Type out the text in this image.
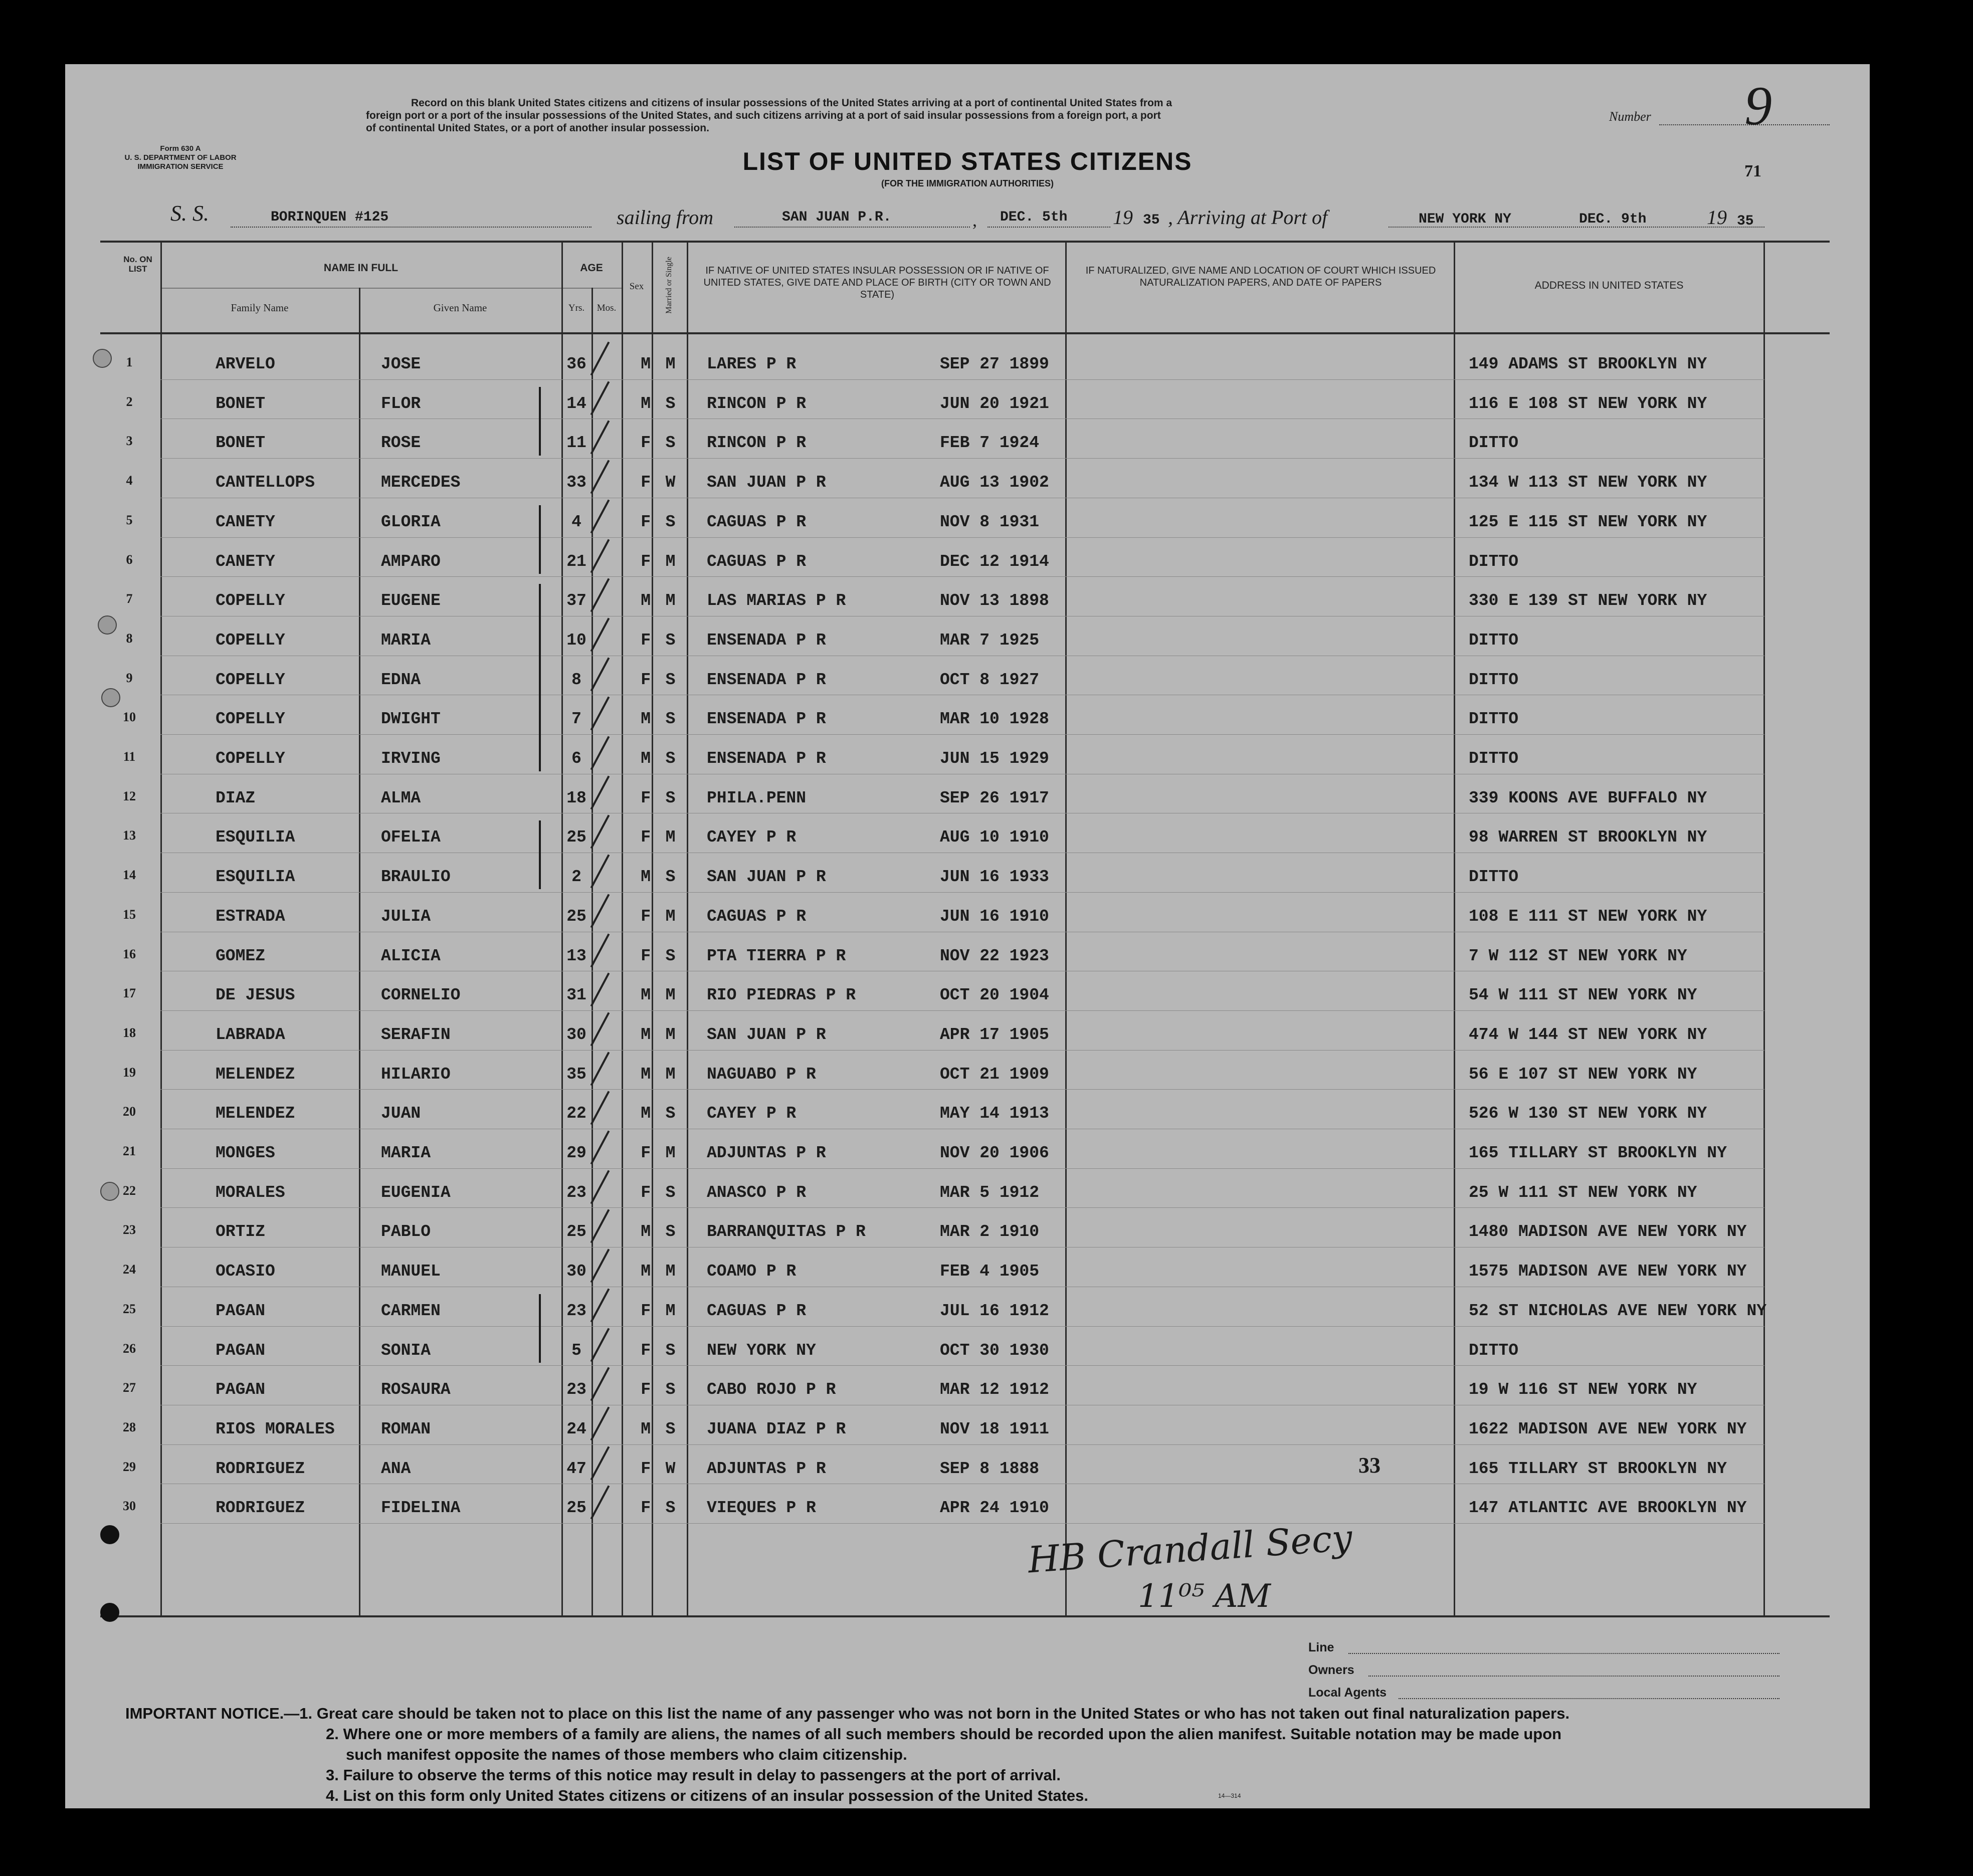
Form 630 A
U. S. DEPARTMENT OF LABOR
IMMIGRATION SERVICE
Record on this blank United States citizens and citizens of insular possessions of the United States arriving at a port of continental United States from a
foreign port or a port of the insular possessions of the United States, and such citizens arriving at a port of said insular possessions from a foreign port, a port
of continental United States, or a port of another insular possession.
Number 9
71
LIST OF UNITED STATES CITIZENS
(FOR THE IMMIGRATION AUTHORITIES)
S. S.	BORINQUEN #125	sailing from	SAN JUAN P.R.	, DEC. 5th 19 35 , Arriving at Port of	NEW YORK NY	DEC. 9th	19 35
No. ON LIST	NAME IN FULL
Family Name	Given Name
AGE
Yrs.	Mos.
Sex	Married or Single	IF NATIVE OF UNITED STATES INSULAR POSSESSION OR IF NATIVE OF UNITED STATES, GIVE DATE AND PLACE OF BIRTH (CITY OR TOWN AND STATE)
IF NATURALIZED, GIVE NAME AND LOCATION OF COURT WHICH ISSUED NATURALIZATION PAPERS, AND DATE OF PAPERS	ADDRESS IN UNITED STATES
1	ARVELO	JOSE	36	M M	LARES P R	SEP 27 1899	149 ADAMS ST BROOKLYN NY
2	BONET	FLOR	14	M S	RINCON P R	JUN 20 1921	116 E 108 ST NEW YORK NY
3	BONET	ROSE	11	F S	RINCON P R	FEB 7 1924	DITTO
4	CANTELLOPS	MERCEDES	33	F W	SAN JUAN P R	AUG 13 1902	134 W 113 ST NEW YORK NY
5	CANETY	GLORIA	4	F S	CAGUAS P R	NOV 8 1931	125 E 115 ST NEW YORK NY
6	CANETY	AMPARO	21	F M	CAGUAS P R	DEC 12 1914	DITTO
7	COPELLY	EUGENE	37	M M	LAS MARIAS P R	NOV 13 1898	330 E 139 ST NEW YORK NY
8	COPELLY	MARIA	10	F S	ENSENADA P R	MAR 7 1925	DITTO
9	COPELLY	EDNA	8	F S	ENSENADA P R	OCT 8 1927	DITTO
10	COPELLY	DWIGHT	7	M S	ENSENADA P R	MAR 10 1928	DITTO
11	COPELLY	IRVING	6	M S	ENSENADA P R	JUN 15 1929	DITTO
12	DIAZ	ALMA	18	F S	PHILA.PENN	SEP 26 1917	339 KOONS AVE BUFFALO NY
13	ESQUILIA	OFELIA	25	F M	CAYEY P R	AUG 10 1910	98 WARREN ST BROOKLYN NY
14	ESQUILIA	BRAULIO	2	M S	SAN JUAN P R	JUN 16 1933	DITTO
15	ESTRADA	JULIA	25	F M	CAGUAS P R	JUN 16 1910	108 E 111 ST NEW YORK NY
16	GOMEZ	ALICIA	13	F S	PTA TIERRA P R	NOV 22 1923	7 W 112 ST NEW YORK NY
17	DE JESUS	CORNELIO	31	M M	RIO PIEDRAS P R	OCT 20 1904	54 W 111 ST NEW YORK NY
18	LABRADA	SERAFIN	30	M M	SAN JUAN P R	APR 17 1905	474 W 144 ST NEW YORK NY
19	MELENDEZ	HILARIO	35	M M	NAGUABO P R	OCT 21 1909	56 E 107 ST NEW YORK NY
20	MELENDEZ	JUAN	22	M S	CAYEY P R	MAY 14 1913	526 W 130 ST NEW YORK NY
21	MONGES	MARIA	29	F M	ADJUNTAS P R	NOV 20 1906	165 TILLARY ST BROOKLYN NY
22	MORALES	EUGENIA	23	F S	ANASCO P R	MAR 5 1912	25 W 111 ST NEW YORK NY
23	ORTIZ	PABLO	25	M S	BARRANQUITAS P R	MAR 2 1910	1480 MADISON AVE NEW YORK NY
24	OCASIO	MANUEL	30	M M	COAMO P R	FEB 4 1905	1575 MADISON AVE NEW YORK NY
25	PAGAN	CARMEN	23	F M	CAGUAS P R	JUL 16 1912	52 ST NICHOLAS AVE NEW YORK NY
26	PAGAN	SONIA	5	F S	NEW YORK NY	OCT 30 1930	DITTO
27	PAGAN	ROSAURA	23	F S	CABO ROJO P R	MAR 12 1912	19 W 116 ST NEW YORK NY
28	RIOS MORALES	ROMAN	24	M S	JUANA DIAZ P R	NOV 18 1911	1622 MADISON AVE NEW YORK NY
29	RODRIGUEZ	ANA	47	F W	ADJUNTAS P R	SEP 8 1888	165 TILLARY ST BROOKLYN NY
30	RODRIGUEZ	FIDELINA	25	F S	VIEQUES P R	APR 24 1910	147 ATLANTIC AVE BROOKLYN NY
33
HB Crandall Secy
11⁰⁵ AM
Line
Owners
Local Agents
IMPORTANT NOTICE.—1. Great care should be taken not to place on this list the name of any passenger who was not born in the United States or who has not taken out final naturalization papers.
2. Where one or more members of a family are aliens, the names of all such members should be recorded upon the alien manifest. Suitable notation may be made upon
such manifest opposite the names of those members who claim citizenship.
3. Failure to observe the terms of this notice may result in delay to passengers at the port of arrival.
4. List on this form only United States citizens or citizens of an insular possession of the United States.	14—314
